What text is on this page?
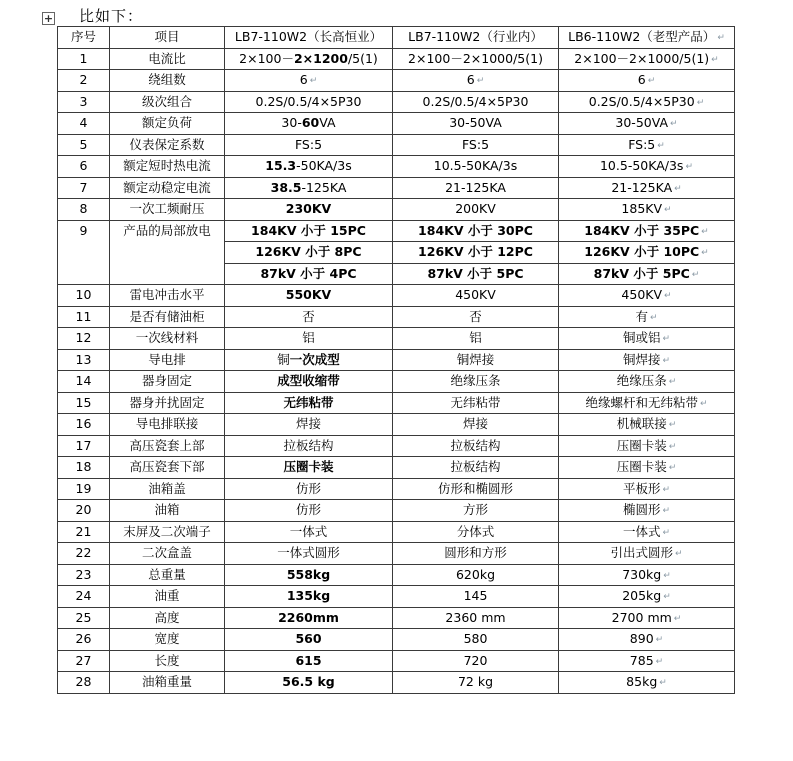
+ 比如下：
序号	项目	LB7-110W2（长高恒业）	LB7-110W2（行业内）	LB6-110W2（老型产品） ↵
1	电流比	2×100－2×1200/5(1)	2×100－2×1000/5(1)	2×100－2×1000/5(1) ↵
2	绕组数	6 ↵	6 ↵	6 ↵
3	级次组合	0.2S/0.5/4×5P30	0.2S/0.5/4×5P30	0.2S/0.5/4×5P30 ↵
4	额定负荷	30-60VA	30-50VA	30-50VA ↵
5	仪表保定系数	FS:5	FS:5	FS:5 ↵
6	额定短时热电流	15.3-50KA/3s	10.5-50KA/3s	10.5-50KA/3s ↵
7	额定动稳定电流	38.5-125KA	21-125KA	21-125KA ↵
8	一次工频耐压	230KV	200KV	185KV ↵
9	产品的局部放电	184KV 小于 15PC	184KV 小于 30PC	184KV 小于 35PC ↵
		126KV 小于 8PC	126KV 小于 12PC	126KV 小于 10PC ↵
		87kV 小于 4PC	87kV 小于 5PC	87kV 小于 5PC ↵
10	雷电冲击水平	550KV	450KV	450KV ↵
11	是否有储油柜	否	否	有 ↵
12	一次线材料	铝	铝	铜或铝 ↵
13	导电排	铜一次成型	铜焊接	铜焊接 ↵
14	器身固定	成型收缩带	绝缘压条	绝缘压条 ↵
15	器身并扰固定	无纬粘带	无纬粘带	绝缘螺杆和无纬粘带 ↵
16	导电排联接	焊接	焊接	机械联接 ↵
17	高压瓷套上部	拉板结构	拉板结构	压圈卡装 ↵
18	高压瓷套下部	压圈卡装	拉板结构	压圈卡装 ↵
19	油箱盖	仿形	仿形和椭圆形	平板形 ↵
20	油箱	仿形	方形	椭圆形 ↵
21	末屏及二次端子	一体式	分体式	一体式 ↵
22	二次盒盖	一体式圆形	圆形和方形	引出式圆形 ↵
23	总重量	558kg	620kg	730kg ↵
24	油重	135kg	145	205kg ↵
25	高度	2260mm	2360 mm	2700 mm ↵
26	宽度	560	580	890 ↵
27	长度	615	720	785 ↵
28	油箱重量	56.5 kg	72 kg	85kg ↵
